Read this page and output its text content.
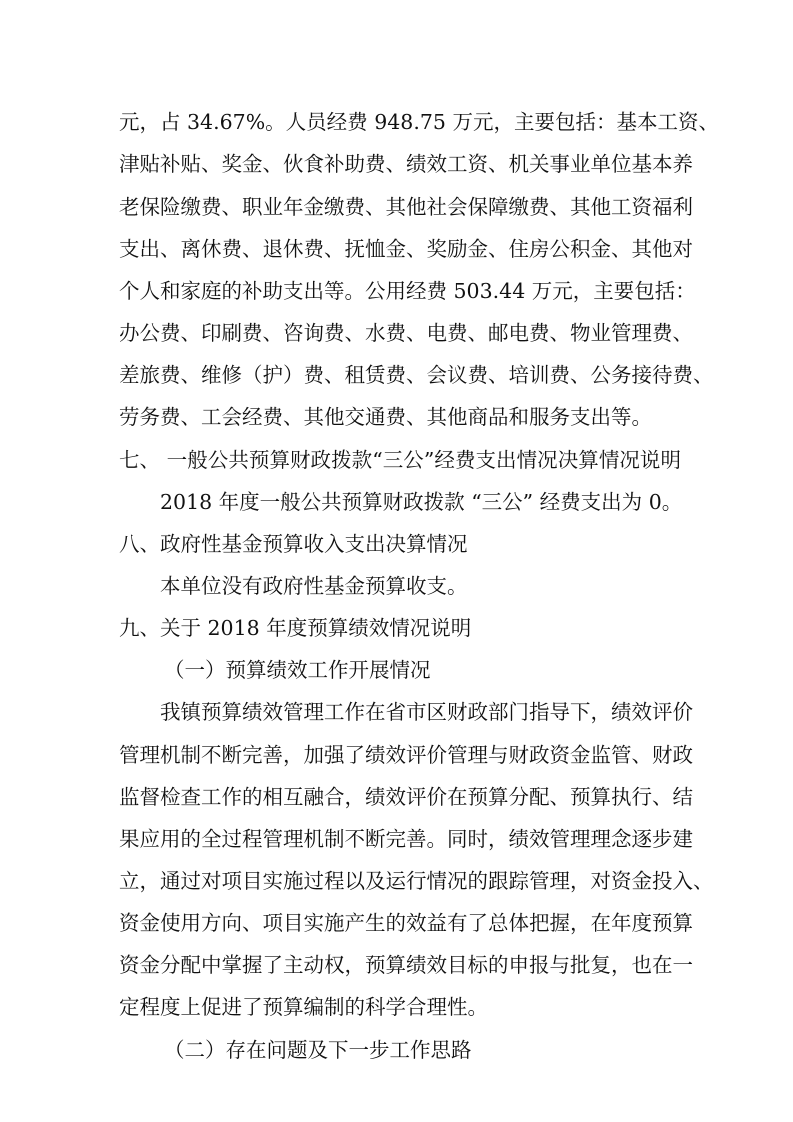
元，占 34.67%。人员经费 948.75 万元，主要包括：基本工资、
津贴补贴、奖金、伙食补助费、绩效工资、机关事业单位基本养
老保险缴费、职业年金缴费、其他社会保障缴费、其他工资福利
支出、离休费、退休费、抚恤金、奖励金、住房公积金、其他对
个人和家庭的补助支出等。公用经费 503.44 万元，主要包括：
办公费、印刷费、咨询费、水费、电费、邮电费、物业管理费、
差旅费、维修（护）费、租赁费、会议费、培训费、公务接待费、
劳务费、工会经费、其他交通费、其他商品和服务支出等。
七、 一般公共预算财政拨款“三公”经费支出情况决算情况说明
2018 年度一般公共预算财政拨款 “三公” 经费支出为 0。
八、政府性基金预算收入支出决算情况
本单位没有政府性基金预算收支。
九、关于 2018 年度预算绩效情况说明
（一）预算绩效工作开展情况
我镇预算绩效管理工作在省市区财政部门指导下，绩效评价
管理机制不断完善，加强了绩效评价管理与财政资金监管、财政
监督检查工作的相互融合，绩效评价在预算分配、预算执行、结
果应用的全过程管理机制不断完善。同时，绩效管理理念逐步建
立，通过对项目实施过程以及运行情况的跟踪管理，对资金投入、
资金使用方向、项目实施产生的效益有了总体把握，在年度预算
资金分配中掌握了主动权，预算绩效目标的申报与批复，也在一
定程度上促进了预算编制的科学合理性。
（二）存在问题及下一步工作思路
